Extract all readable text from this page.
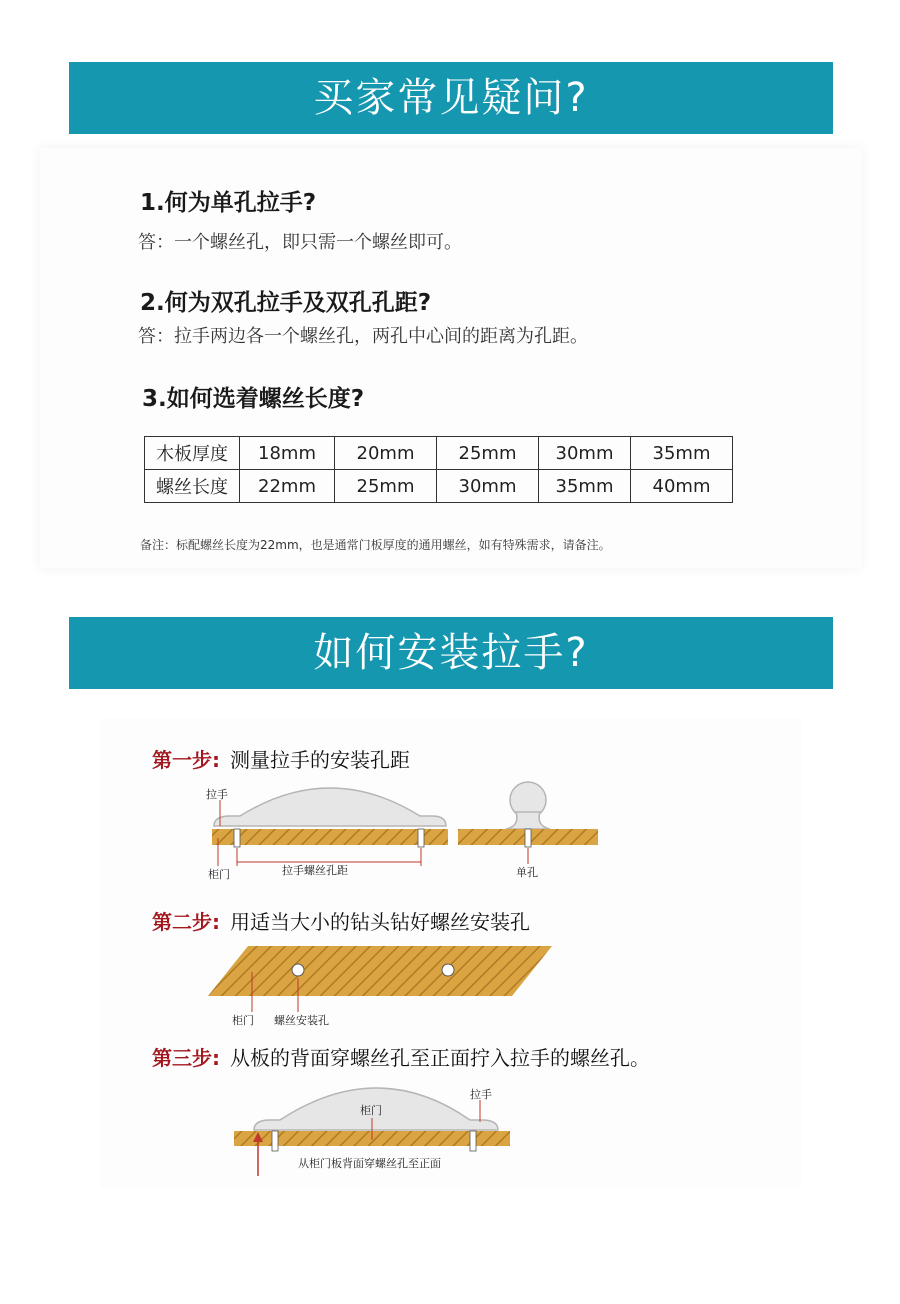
买家常见疑问?
1.何为单孔拉手?
答：一个螺丝孔，即只需一个螺丝即可。
2.何为双孔拉手及双孔孔距?
答：拉手两边各一个螺丝孔，两孔中心间的距离为孔距。
3.如何选着螺丝长度?
木板厚度	18mm	20mm	25mm	30mm	35mm
螺丝长度	22mm	25mm	30mm	35mm	40mm
备注：标配螺丝长度为22mm，也是通常门板厚度的通用螺丝，如有特殊需求，请备注。
如何安装拉手?
第一步: 测量拉手的安装孔距
拉手
柜门	拉手螺丝孔距	单孔
第二步: 用适当大小的钻头钻好螺丝安装孔
柜门 螺丝安装孔
第三步: 从板的背面穿螺丝孔至正面拧入拉手的螺丝孔。
柜门
拉手
从柜门板背面穿螺丝孔至正面
